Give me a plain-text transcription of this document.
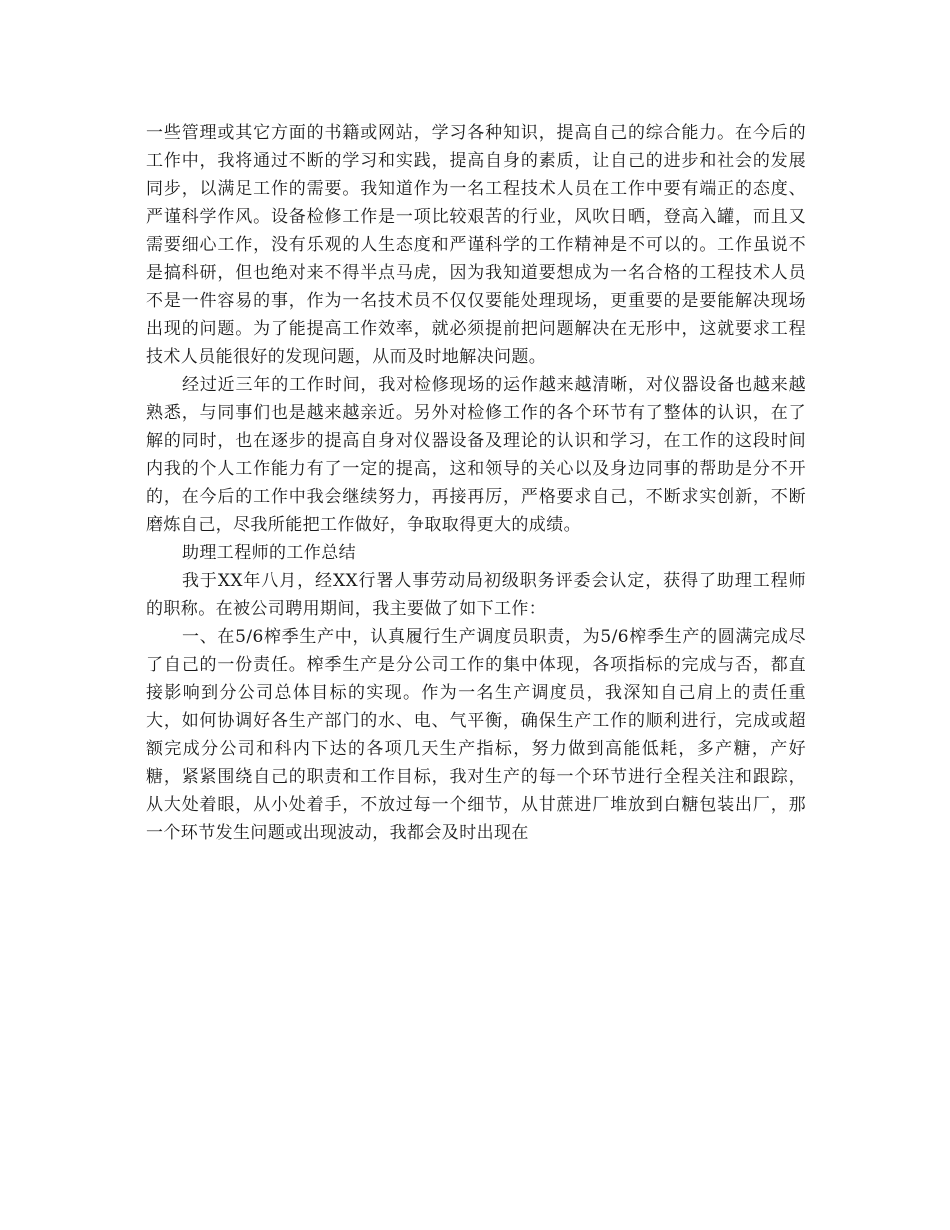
一些管理或其它方面的书籍或网站，学习各种知识，提高自己的综合能力。在今后的工作中，我将通过不断的学习和实践，提高自身的素质，让自己的进步和社会的发展同步，以满足工作的需要。我知道作为一名工程技术人员在工作中要有端正的态度、严谨科学作风。设备检修工作是一项比较艰苦的行业，风吹日晒，登高入罐，而且又需要细心工作，没有乐观的人生态度和严谨科学的工作精神是不可以的。工作虽说不是搞科研，但也绝对来不得半点马虎，因为我知道要想成为一名合格的工程技术人员不是一件容易的事，作为一名技术员不仅仅要能处理现场，更重要的是要能解决现场出现的问题。为了能提高工作效率，就必须提前把问题解决在无形中，这就要求工程技术人员能很好的发现问题，从而及时地解决问题。

经过近三年的工作时间，我对检修现场的运作越来越清晰，对仪器设备也越来越熟悉，与同事们也是越来越亲近。另外对检修工作的各个环节有了整体的认识，在了解的同时，也在逐步的提高自身对仪器设备及理论的认识和学习，在工作的这段时间内我的个人工作能力有了一定的提高，这和领导的关心以及身边同事的帮助是分不开的，在今后的工作中我会继续努力，再接再厉，严格要求自己，不断求实创新，不断磨炼自己，尽我所能把工作做好，争取取得更大的成绩。

助理工程师的工作总结

我于XX年八月，经XX行署人事劳动局初级职务评委会认定，获得了助理工程师的职称。在被公司聘用期间，我主要做了如下工作：

一、在5/6榨季生产中，认真履行生产调度员职责，为5/6榨季生产的圆满完成尽了自己的一份责任。榨季生产是分公司工作的集中体现，各项指标的完成与否，都直接影响到分公司总体目标的实现。作为一名生产调度员，我深知自己肩上的责任重大，如何协调好各生产部门的水、电、气平衡，确保生产工作的顺利进行，完成或超额完成分公司和科内下达的各项几天生产指标，努力做到高能低耗，多产糖，产好糖，紧紧围绕自己的职责和工作目标，我对生产的每一个环节进行全程关注和跟踪，从大处着眼，从小处着手，不放过每一个细节，从甘蔗进厂堆放到白糖包装出厂，那一个环节发生问题或出现波动，我都会及时出现在
